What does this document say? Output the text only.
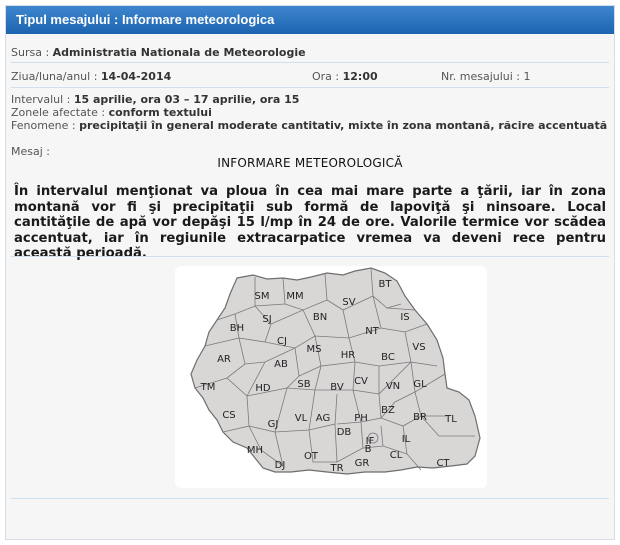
Tipul mesajului : Informare meteorologica
Sursa : Administratia Nationala de Meteorologie
Ziua/luna/anul : 14-04-2014	Ora : 12:00	Nr. mesajului : 1
Intervalul : 15 aprilie, ora 03 – 17 aprilie, ora 15
Zonele afectate : conform textului
Fenomene : precipitaţii în general moderate cantitativ, mixte în zona montană, răcire accentuată
Mesaj :
INFORMARE METEOROLOGICĂ
În intervalul menţionat va ploua în cea mai mare parte a ţării, iar în zona montană vor fi şi precipitaţii sub formă de lapoviţă şi ninsoare. Local cantităţile de apă vor depăşi 15 l/mp în 24 de ore. Valorile termice vor scădea accentuat, iar în regiunile extracarpatice vremea va deveni rece pentru această perioadă.
SM MM
BT
SV
SJ	BN	IS
BH
CJ
NT
VS
MS
HR	BC
AR	AB
CV VN GL
TM	HD	SB BV
CS
GJ
VL AG PH
BZ
BR TL
DB
IF
MH
OT
B
CL
IL
DJ	TR GR	CT
